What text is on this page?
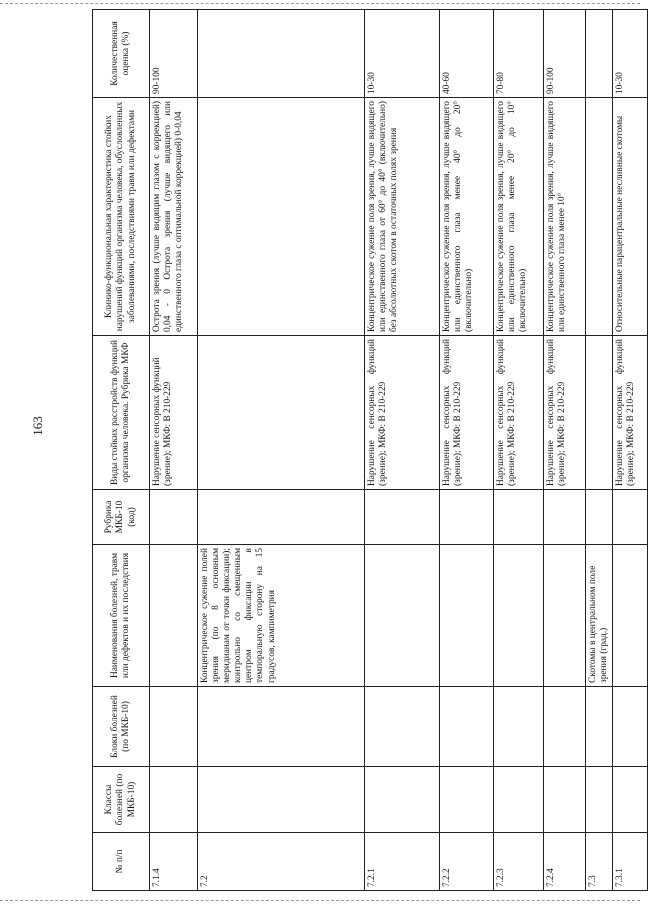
163
№ п/п	Классы болезней (по МКБ-10)	Блоки болезней (по МКБ-10)	Наименования болезней, травм или дефектов и их последствия	Рубрика МКБ-10 (код)	Виды стойких расстройств функций организма человека. Рубрика МКФ	Клинико-функциональная характеристика стойких нарушений функций организма человека, обусловленных заболеваниями, последствиями травм или дефектами	Количественная оценка (%)
7.1.4					Нарушение сенсорных функций (зрение); МКФ: В 210-229	Острота зрения (лучше видящим глазом с коррекцией) 0,04 - 0 Острота зрения (лучше видящего или единственного глаза с оптимальной коррекцией) 0-0,04	90-100
7.2			Концентрическое сужение полей зрения (по 8 основным меридианам от точки фиксации); контрольно со смещенным центром фиксации в темпоральную сторону на 15 градусов, кампиметрия				
7.2.1					Нарушение сенсорных функций (зрение); МКФ: В 210-229	Концентрическое сужение поля зрения, лучше видящего или единственного глаза от 60° до 40° (включительно) без абсолютных скотом в остаточных полях зрения	10-30
7.2.2					Нарушение сенсорных функций (зрение); МКФ: В 210-229	Концентрическое сужение поля зрения, лучше видящего или единственного глаза менее 40° до 20° (включительно)	40-60
7.2.3					Нарушение сенсорных функций (зрение); МКФ: В 210-229	Концентрическое сужение поля зрения, лучше видящего или единственного глаза менее 20° до 10° (включительно)	70-80
7.2.4					Нарушение сенсорных функций (зрение); МКФ: В 210-229	Концентрическое сужение поля зрения, лучше видящего или единственного глаза менее 10°	90-100
7.3			Скотомы в центральном поле зрения (град.)				
7.3.1					Нарушение сенсорных функций (зрение); МКФ: В 210-229	Относительные парацентральные несливные скотомы	10-30
